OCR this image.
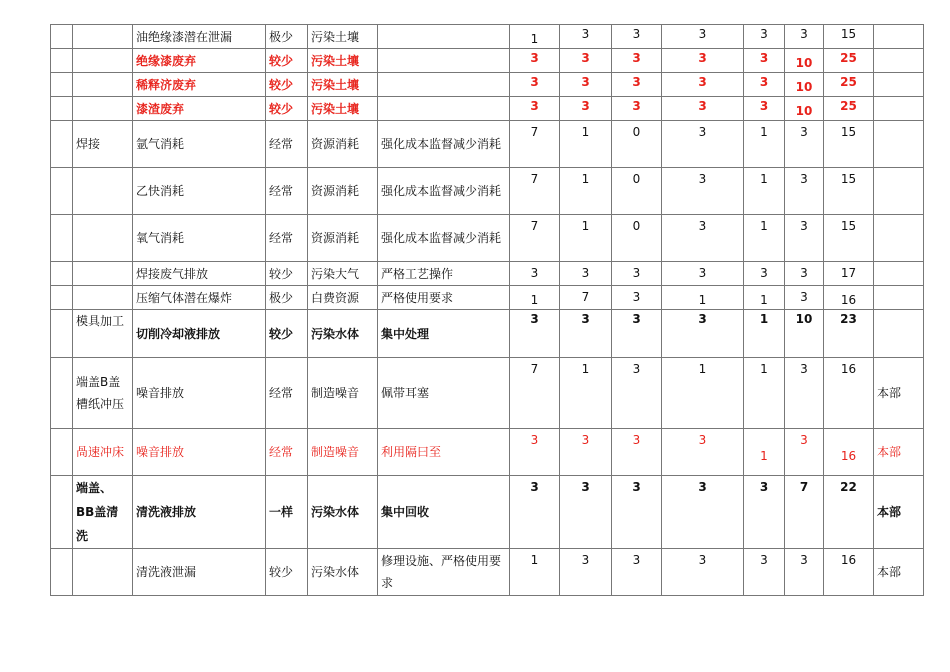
		油绝缘漆潜在泄漏	极少	污染土壤		1	3	3	3	3	3	15	
		绝缘漆废弃	较少	污染土壤		3	3	3	3	3	10	25	
		稀释济废弃	较少	污染土壤		3	3	3	3	3	10	25	
		漆渣废弃	较少	污染土壤		3	3	3	3	3	10	25	
	焊接	氩气消耗	经常	资源消耗	强化成本监督减少消耗	7	1	0	3	1	3	15	
		乙快消耗	经常	资源消耗	强化成本监督减少消耗	7	1	0	3	1	3	15	
		氧气消耗	经常	资源消耗	强化成本监督减少消耗	7	1	0	3	1	3	15	
		焊接废气排放	较少	污染大气	严格工艺操作	3	3	3	3	3	3	17	
		压缩气体潜在爆炸	极少	白费资源	严格使用要求	1	7	3	1	1	3	16	
	模具加工	切削冷却液排放	较少	污染水体	集中处理	3	3	3	3	1	10	23	
	端盖B盖槽纸冲压	噪音排放	经常	制造噪音	佩带耳塞	7	1	3	1	1	3	16	本部
	咼速冲床	噪音排放	经常	制造噪音	利用隔曰至	3	3	3	3	1	3	16	本部
	端盖、BB盖清洗	清洗液排放	一样	污染水体	集中回收	3	3	3	3	3	7	22	本部
		清洗液泄漏	较少	污染水体	修理设施、严格使用要求	1	3	3	3	3	3	16	本部
